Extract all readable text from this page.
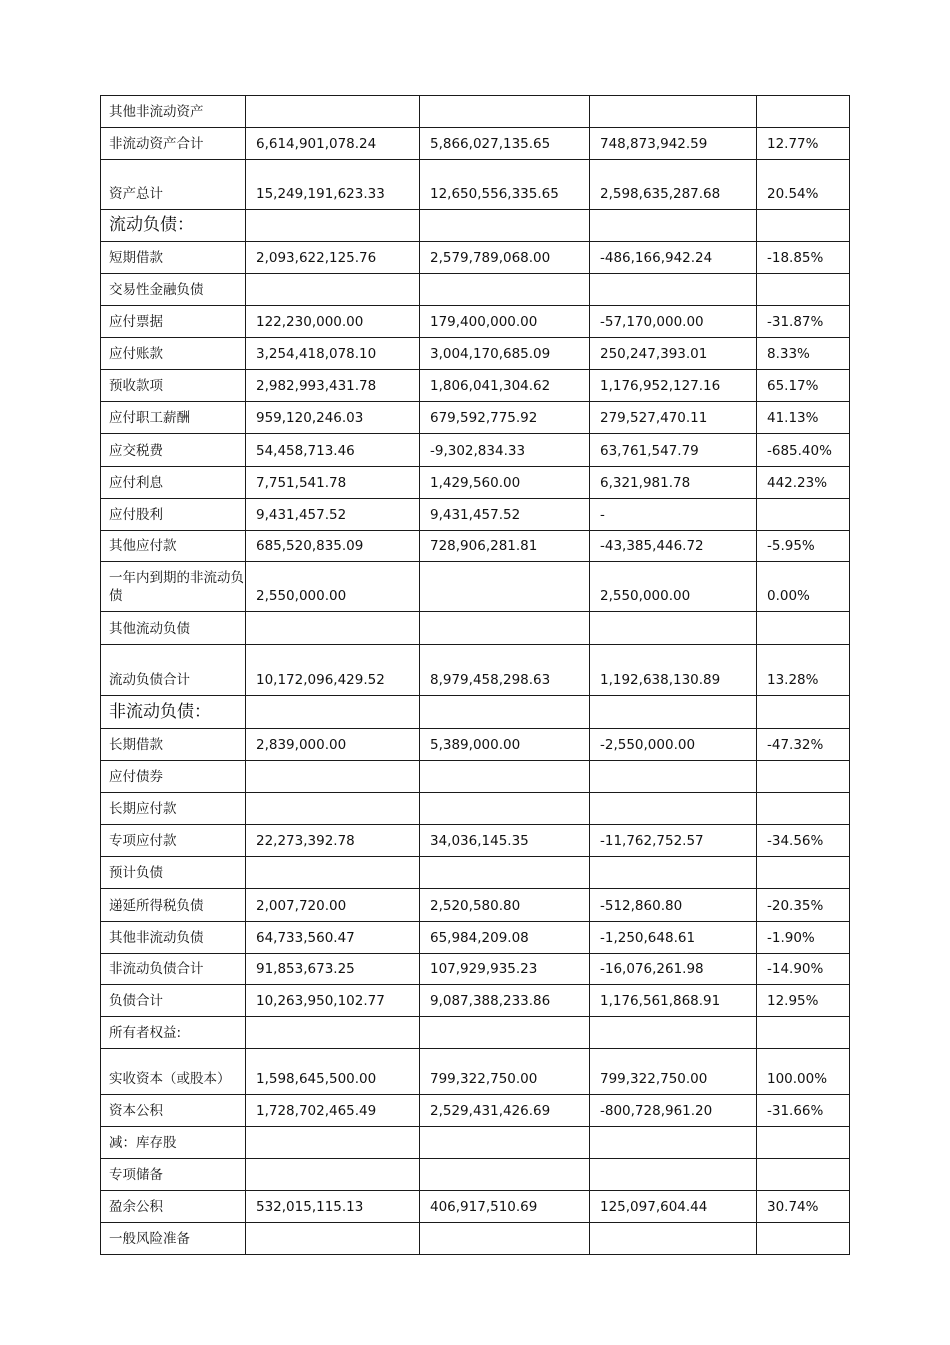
其他非流动资产				
非流动资产合计	6,614,901,078.24	5,866,027,135.65	748,873,942.59	12.77%
资产总计	15,249,191,623.33	12,650,556,335.65	2,598,635,287.68	20.54%
流动负债：				
短期借款	2,093,622,125.76	2,579,789,068.00	-486,166,942.24	-18.85%
交易性金融负债				
应付票据	122,230,000.00	179,400,000.00	-57,170,000.00	-31.87%
应付账款	3,254,418,078.10	3,004,170,685.09	250,247,393.01	8.33%
预收款项	2,982,993,431.78	1,806,041,304.62	1,176,952,127.16	65.17%
应付职工薪酬	959,120,246.03	679,592,775.92	279,527,470.11	41.13%
应交税费	54,458,713.46	-9,302,834.33	63,761,547.79	-685.40%
应付利息	7,751,541.78	1,429,560.00	6,321,981.78	442.23%
应付股利	9,431,457.52	9,431,457.52	-	
其他应付款	685,520,835.09	728,906,281.81	-43,385,446.72	-5.95%
一年内到期的非流动负债	2,550,000.00		2,550,000.00	0.00%
其他流动负债				
流动负债合计	10,172,096,429.52	8,979,458,298.63	1,192,638,130.89	13.28%
非流动负债：				
长期借款	2,839,000.00	5,389,000.00	-2,550,000.00	-47.32%
应付债券				
长期应付款				
专项应付款	22,273,392.78	34,036,145.35	-11,762,752.57	-34.56%
预计负债				
递延所得税负债	2,007,720.00	2,520,580.80	-512,860.80	-20.35%
其他非流动负债	64,733,560.47	65,984,209.08	-1,250,648.61	-1.90%
非流动负债合计	91,853,673.25	107,929,935.23	-16,076,261.98	-14.90%
负债合计	10,263,950,102.77	9,087,388,233.86	1,176,561,868.91	12.95%
所有者权益:				
实收资本（或股本）	1,598,645,500.00	799,322,750.00	799,322,750.00	100.00%
资本公积	1,728,702,465.49	2,529,431,426.69	-800,728,961.20	-31.66%
减：库存股				
专项储备				
盈余公积	532,015,115.13	406,917,510.69	125,097,604.44	30.74%
一般风险准备				
